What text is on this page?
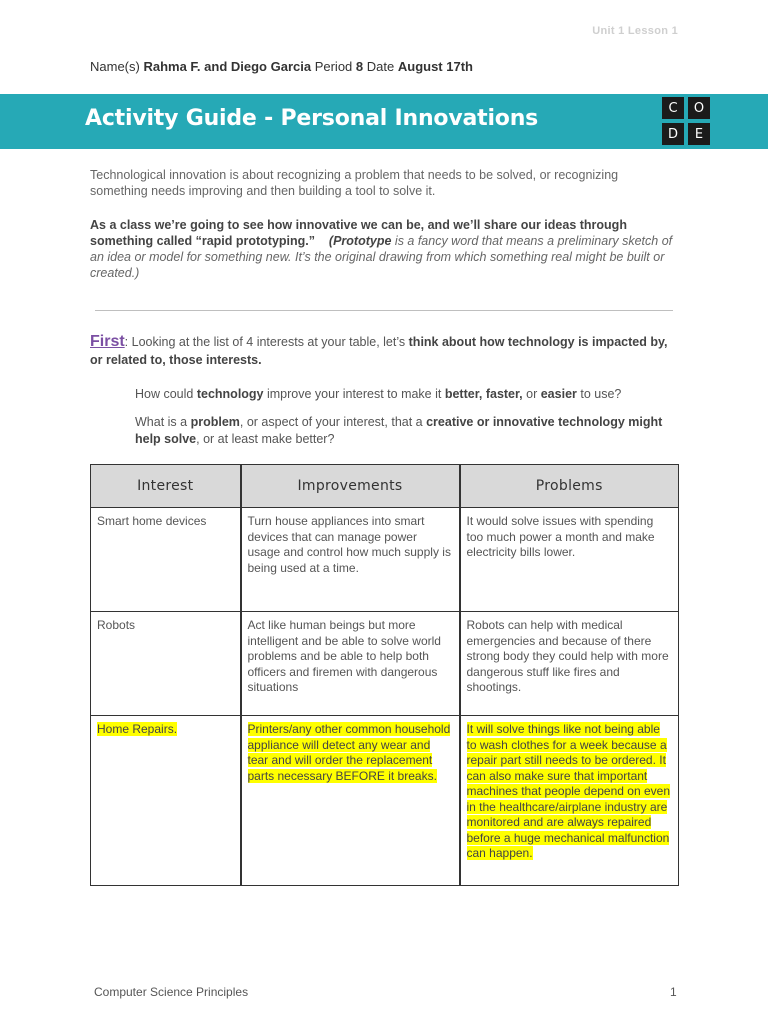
Unit 1 Lesson 1
Name(s) Rahma F. and Diego Garcia Period 8 Date August 17th
Activity Guide - Personal Innovations	C	O
D	E
Technological innovation is about recognizing a problem that needs to be solved, or recognizing something needs improving and then building a tool to solve it.
As a class we’re going to see how innovative we can be, and we’ll share our ideas through something called “rapid prototyping.” (Prototype is a fancy word that means a preliminary sketch of an idea or model for something new. It’s the original drawing from which something real might be built or created.)
First: Looking at the list of 4 interests at your table, let’s think about how technology is impacted by, or related to, those interests.
How could technology improve your interest to make it better, faster, or easier to use?
What is a problem, or aspect of your interest, that a creative or innovative technology might help solve, or at least make better?
Interest	Improvements	Problems
Smart home devices	Turn house appliances into smart devices that can manage power usage and control how much supply is being used at a time.	It would solve issues with spending too much power a month and make electricity bills lower.
Robots	Act like human beings but more intelligent and be able to solve world problems and be able to help both officers and firemen with dangerous situations	Robots can help with medical emergencies and because of there strong body they could help with more dangerous stuff like fires and shootings.
Home Repairs.	Printers/any other common household appliance will detect any wear and tear and will order the replacement parts necessary BEFORE it breaks.	It will solve things like not being able to wash clothes for a week because a repair part still needs to be ordered. It can also make sure that important machines that people depend on even in the healthcare/airplane industry are monitored and are always repaired before a huge mechanical malfunction can happen.
Computer Science Principles	1
